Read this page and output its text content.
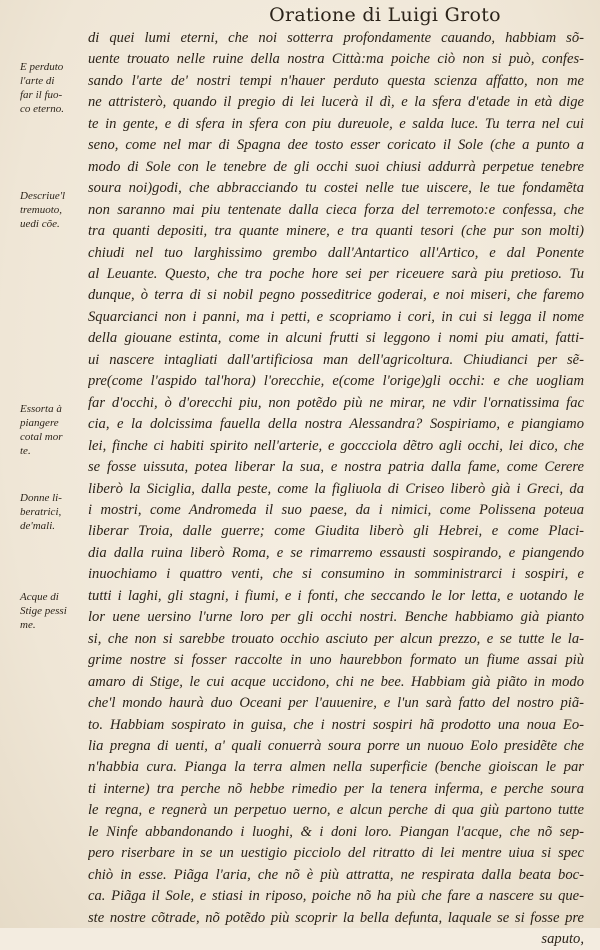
Oratione di Luigi Groto
E perduto
l'arte di
far il fuo-
co eterno.
Descriue'l
tremuoto,
uedi cõe.
Essorta à
piangere
cotal mor
te.
Donne li-
beratrici,
de'mali.
Acque di
Stige pessi
me.
di quei lumi eterni, che noi sotterra profondamente cauando, habbiam sõ-
uente trouato nelle ruine della nostra Città:ma poiche ciò non si può, confes-
sando l'arte de' nostri tempi n'hauer perduto questa scienza affatto, non me
ne attristerò, quando il pregio di lei lucerà il dì, e la sfera d'etade in età dige
te in gente, e di sfera in sfera con piu dureuole, e salda luce. Tu terra nel cui
seno, come nel mar di Spagna dee tosto esser coricato il Sole (che a punto a
modo di Sole con le tenebre de gli occhi suoi chiusi addurrà perpetue tenebre
soura noi)godi, che abbracciando tu costei nelle tue uiscere, le tue fondamẽta
non saranno mai piu tentenate dalla cieca forza del terremoto:e confessa, che
tra quanti depositi, tra quante minere, e tra quanti tesori (che pur son molti)
chiudi nel tuo larghissimo grembo dall'Antartico all'Artico, e dal Ponente
al Leuante. Questo, che tra poche hore sei per riceuere sarà piu pretioso. Tu
dunque, ò terra di si nobil pegno posseditrice goderai, e noi miseri, che faremo
Squarcianci non i panni, ma i petti, e scopriamo i cori, in cui si legga il nome
della giouane estinta, come in alcuni frutti si leggono i nomi piu amati, fatti-
ui nascere intagliati dall'artificiosa man dell'agricoltura. Chiudianci per sẽ-
pre(come l'aspido tal'hora) l'orecchie, e(come l'orige)gli occhi: e che uogliam
far d'occhi, ò d'orecchi piu, non potẽdo più ne mirar, ne vdir l'ornatissima fac
cia, e la dolcissima fauella della nostra Alessandra? Sospiriamo, e piangiamo
lei, finche ci habiti spirito nell'arterie, e goccciola dẽtro agli occhi, lei dico, che
se fosse uissuta, potea liberar la sua, e nostra patria dalla fame, come Cerere
liberò la Siciglia, dalla peste, come la figliuola di Criseo liberò già i Greci, da
i mostri, come Andromeda il suo paese, da i nimici, come Polissena poteua
liberar Troia, dalle guerre; come Giudita liberò gli Hebrei, e come Placi-
dia dalla ruina liberò Roma, e se rimarremo essausti sospirando, e piangendo
inuochiamo i quattro venti, che si consumino in somministrarci i sospiri, e
tutti i laghi, gli stagni, i fiumi, e i fonti, che seccando le lor letta, e uotando le
lor uene uersino l'urne loro per gli occhi nostri. Benche habbiamo già pianto
si, che non si sarebbe trouato occhio asciuto per alcun prezzo, e se tutte le la-
grime nostre si fosser raccolte in uno haurebbon formato un fiume assai più
amaro di Stige, le cui acque uccidono, chi ne bee. Habbiam già piãto in modo
che'l mondo haurà duo Oceani per l'auuenire, e l'un sarà fatto del nostro piã-
to. Habbiam sospirato in guisa, che i nostri sospiri hã prodotto una noua Eo-
lia pregna di uenti, a' quali conuerrà soura porre un nuouo Eolo presidẽte che
n'habbia cura. Pianga la terra almen nella superficie (benche gioiscan le par
ti interne) tra perche nõ hebbe rimedio per la tenera inferma, e perche soura
le regna, e regnerà un perpetuo uerno, e alcun perche di qua giù partono tutte
le Ninfe abbandonando i luoghi, & i doni loro. Piangan l'acque, che nõ sep-
pero riserbare in se un uestigio picciolo del ritratto di lei mentre uiua si spec
chiò in esse. Piãga l'aria, che nõ è più attratta, ne respirata dalla beata boc-
ca. Piãga il Sole, e stiasi in riposo, poiche nõ ha più che fare a nascere su que-
ste nostre cõtrade, nõ potẽdo più scoprir la bella defunta, laquale se si fosse pre
saputo,
